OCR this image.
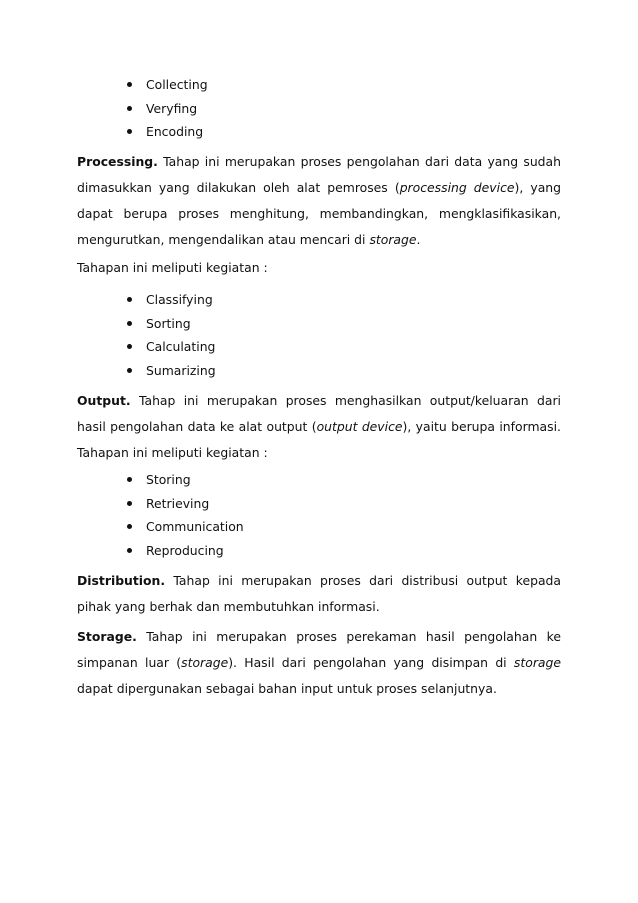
Collecting
Veryfing
Encoding

Processing. Tahap ini merupakan proses pengolahan dari data yang sudah dimasukkan yang dilakukan oleh alat pemroses (processing device), yang dapat berupa proses menghitung, membandingkan, mengklasifikasikan, mengurutkan, mengendalikan atau mencari di storage.

Tahapan ini meliputi kegiatan :

Classifying
Sorting
Calculating
Sumarizing

Output. Tahap ini merupakan proses menghasilkan output/keluaran dari hasil pengolahan data ke alat output (output device), yaitu berupa informasi. Tahapan ini meliputi kegiatan :

Storing
Retrieving
Communication
Reproducing

Distribution. Tahap ini merupakan proses dari distribusi output kepada pihak yang berhak dan membutuhkan informasi.

Storage. Tahap ini merupakan proses perekaman hasil pengolahan ke simpanan luar (storage). Hasil dari pengolahan yang disimpan di storage dapat dipergunakan sebagai bahan input untuk proses selanjutnya.
